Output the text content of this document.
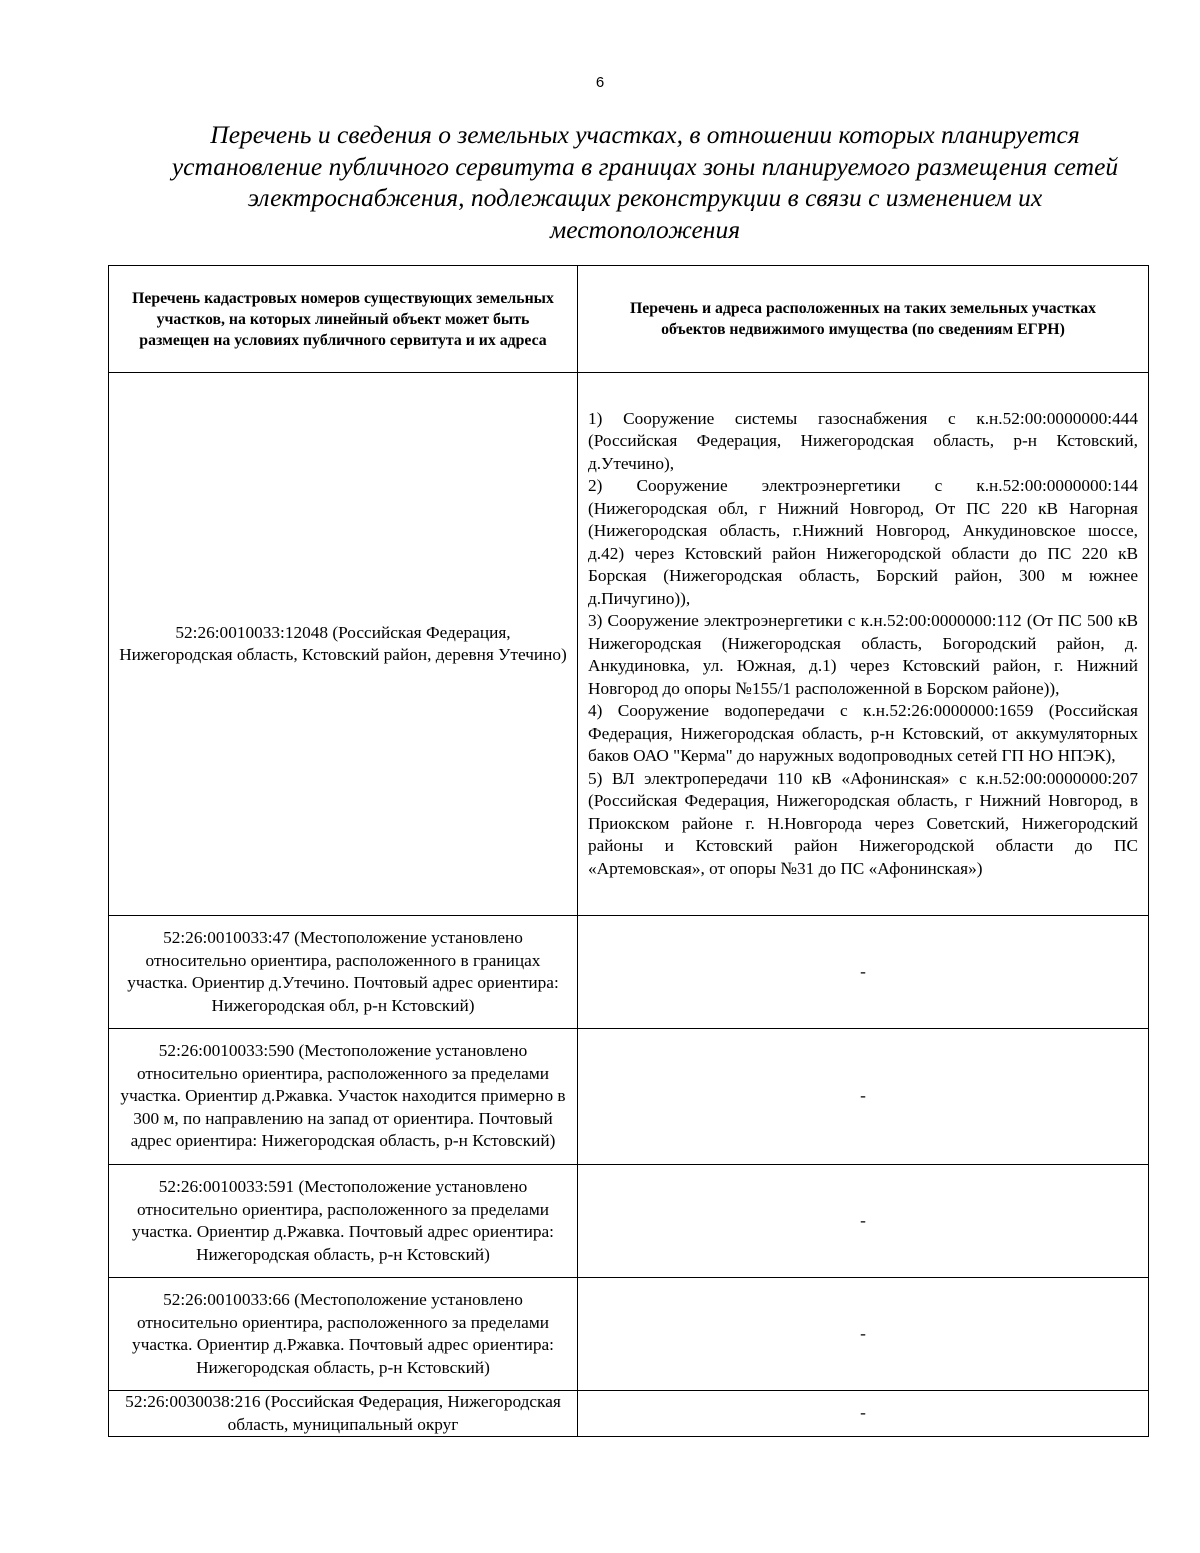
6
Перечень и сведения о земельных участках, в отношении которых планируется установление публичного сервитута в границах зоны планируемого размещения сетей электроснабжения, подлежащих реконструкции в связи с изменением их местоположения
Перечень кадастровых номеров существующих земельных участков, на которых линейный объект может быть размещен на условиях публичного сервитута и их адреса	Перечень и адреса расположенных на таких земельных участках объектов недвижимого имущества (по сведениям ЕГРН)
52:26:0010033:12048 (Российская Федерация, Нижегородская область, Кстовский район, деревня Утечино)	1) Сооружение системы газоснабжения с к.н.52:00:0000000:444 (Российская Федерация, Нижегородская область, р-н Кстовский, д.Утечино),
2) Сооружение электроэнергетики с к.н.52:00:0000000:144 (Нижегородская обл, г Нижний Новгород, От ПС 220 кВ Нагорная (Нижегородская область, г.Нижний Новгород, Анкудиновское шоссе, д.42) через Кстовский район Нижегородской области до ПС 220 кВ Борская (Нижегородская область, Борский район, 300 м южнее д.Пичугино)),
3) Сооружение электроэнергетики с к.н.52:00:0000000:112 (От ПС 500 кВ Нижегородская (Нижегородская область, Богородский район, д. Анкудиновка, ул. Южная, д.1) через Кстовский район, г. Нижний Новгород до опоры №155/1 расположенной в Борском районе)),
4) Сооружение водопередачи с к.н.52:26:0000000:1659 (Российская Федерация, Нижегородская область, р-н Кстовский, от аккумуляторных баков ОАО "Керма" до наружных водопроводных сетей ГП НО НПЭК),
5) ВЛ электропередачи 110 кВ «Афонинская» с к.н.52:00:0000000:207 (Российская Федерация, Нижегородская область, г Нижний Новгород, в Приокском районе г. Н.Новгорода через Советский, Нижегородский районы и Кстовский район Нижегородской области до ПС «Артемовская», от опоры №31 до ПС «Афонинская»)

52:26:0010033:47 (Местоположение установлено относительно ориентира, расположенного в границах участка. Ориентир д.Утечино. Почтовый адрес ориентира: Нижегородская обл, р-н Кстовский)	-
52:26:0010033:590 (Местоположение установлено относительно ориентира, расположенного за пределами участка. Ориентир д.Ржавка. Участок находится примерно в 300 м, по направлению на запад от ориентира. Почтовый адрес ориентира: Нижегородская область, р-н Кстовский)	-
52:26:0010033:591 (Местоположение установлено относительно ориентира, расположенного за пределами участка. Ориентир д.Ржавка. Почтовый адрес ориентира: Нижегородская область, р-н Кстовский)	-
52:26:0010033:66 (Местоположение установлено относительно ориентира, расположенного за пределами участка. Ориентир д.Ржавка. Почтовый адрес ориентира: Нижегородская область, р-н Кстовский)	-
52:26:0030038:216 (Российская Федерация, Нижегородская область, муниципальный округ	-
